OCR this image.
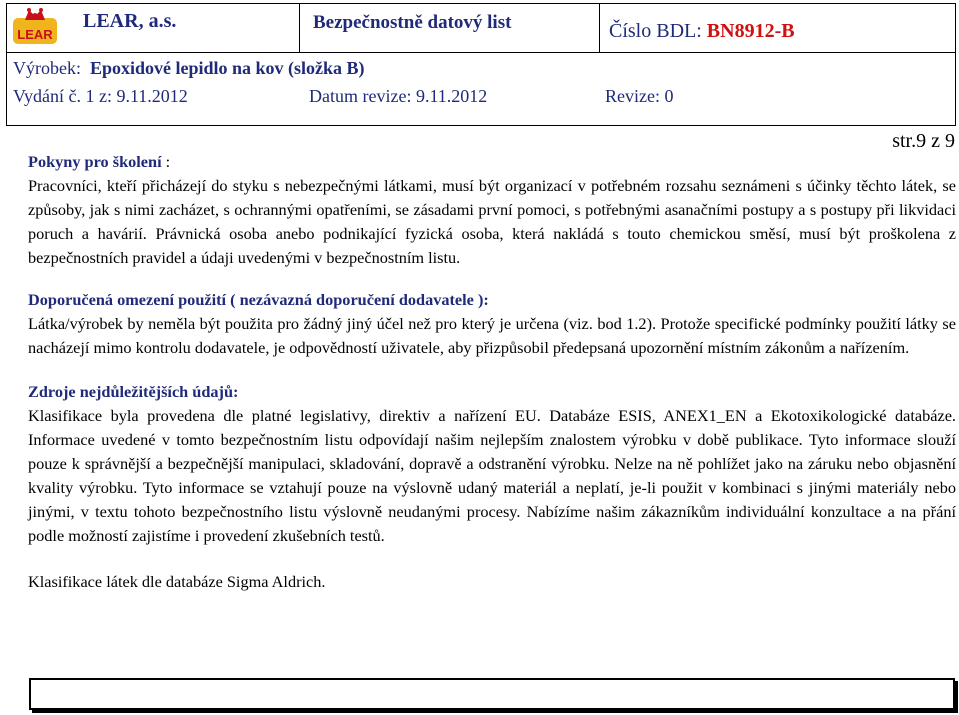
LEAR
LEAR, a.s.	Bezpečnostně datový list	Číslo BDL: BN8912-B
Výrobek: Epoxidové lepidlo na kov (složka B)
Vydání č. 1 z: 9.11.2012	Datum revize: 9.11.2012	Revize: 0
str.9 z 9

Pokyny pro školení :
Pracovníci, kteří přicházejí do styku s nebezpečnými látkami, musí být organizací v potřebném rozsahu seznámeni s účinky těchto látek, se způsoby, jak s nimi zacházet, s ochrannými opatřeními, se zásadami první pomoci, s potřebnými asanačními postupy a s postupy při likvidaci poruch a havárií. Právnická osoba anebo podnikající fyzická osoba, která nakládá s touto chemickou směsí, musí být proškolena z bezpečnostních pravidel a údaji uvedenými v bezpečnostním listu.

Doporučená omezení použití ( nezávazná doporučení dodavatele ):
Látka/výrobek by neměla být použita pro žádný jiný účel než pro který je určena (viz. bod 1.2). Protože specifické podmínky použití látky se nacházejí mimo kontrolu dodavatele, je odpovědností uživatele, aby přizpůsobil předepsaná upozornění místním zákonům a nařízením.

Zdroje nejdůležitějších údajů:
Klasifikace byla provedena dle platné legislativy, direktiv a nařízení EU. Databáze ESIS, ANEX1_EN a Ekotoxikologické databáze. Informace uvedené v tomto bezpečnostním listu odpovídají našim nejlepším znalostem výrobku v době publikace. Tyto informace slouží pouze k správnější a bezpečnější manipulaci, skladování, dopravě a odstranění výrobku. Nelze na ně pohlížet jako na záruku nebo objasnění kvality výrobku. Tyto informace se vztahují pouze na výslovně udaný materiál a neplatí, je-li použit v kombinaci s jinými materiály nebo jinými, v textu tohoto bezpečnostního listu výslovně neudanými procesy. Nabízíme našim zákazníkům individuální konzultace a na přání podle možností zajistíme i provedení zkušebních testů.

Klasifikace látek dle databáze Sigma Aldrich.
